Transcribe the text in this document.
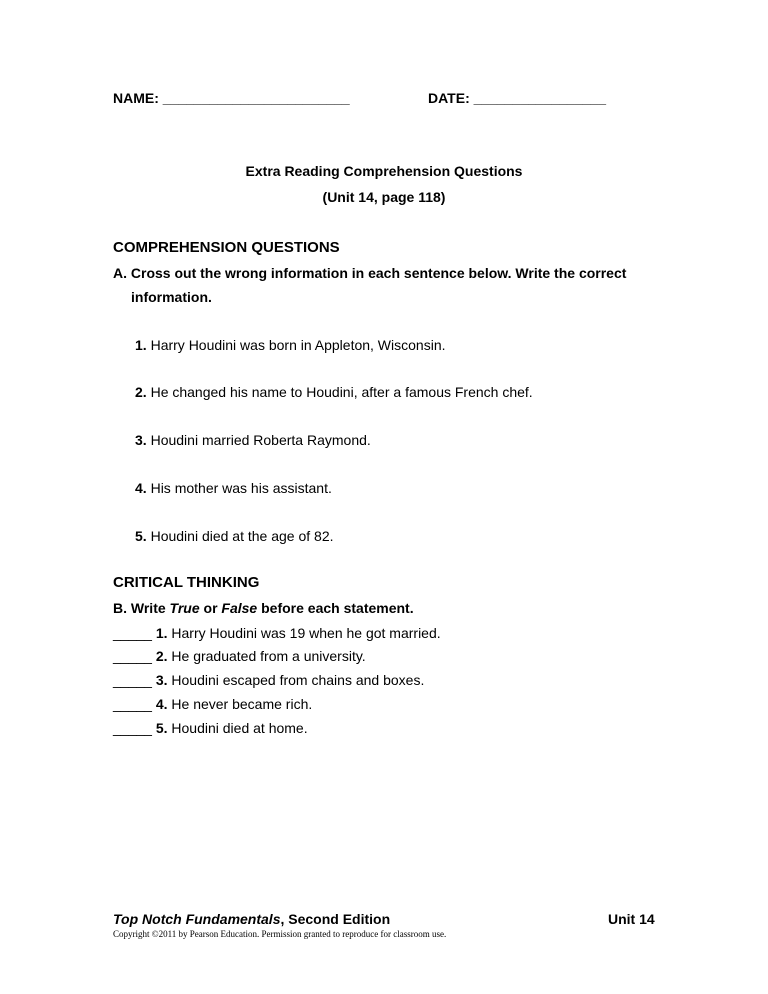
NAME: ________________________	DATE: _________________
Extra Reading Comprehension Questions
(Unit 14, page 118)
COMPREHENSION QUESTIONS
A. Cross out the wrong information in each sentence below. Write the correct
information.
1. Harry Houdini was born in Appleton, Wisconsin.
2. He changed his name to Houdini, after a famous French chef.
3. Houdini married Roberta Raymond.
4. His mother was his assistant.
5. Houdini died at the age of 82.
CRITICAL THINKING
B. Write True or False before each statement.
_____ 1. Harry Houdini was 19 when he got married.
_____ 2. He graduated from a university.
_____ 3. Houdini escaped from chains and boxes.
_____ 4. He never became rich.
_____ 5. Houdini died at home.
Top Notch Fundamentals, Second Edition	Unit 14
Copyright ©2011 by Pearson Education. Permission granted to reproduce for classroom use.
